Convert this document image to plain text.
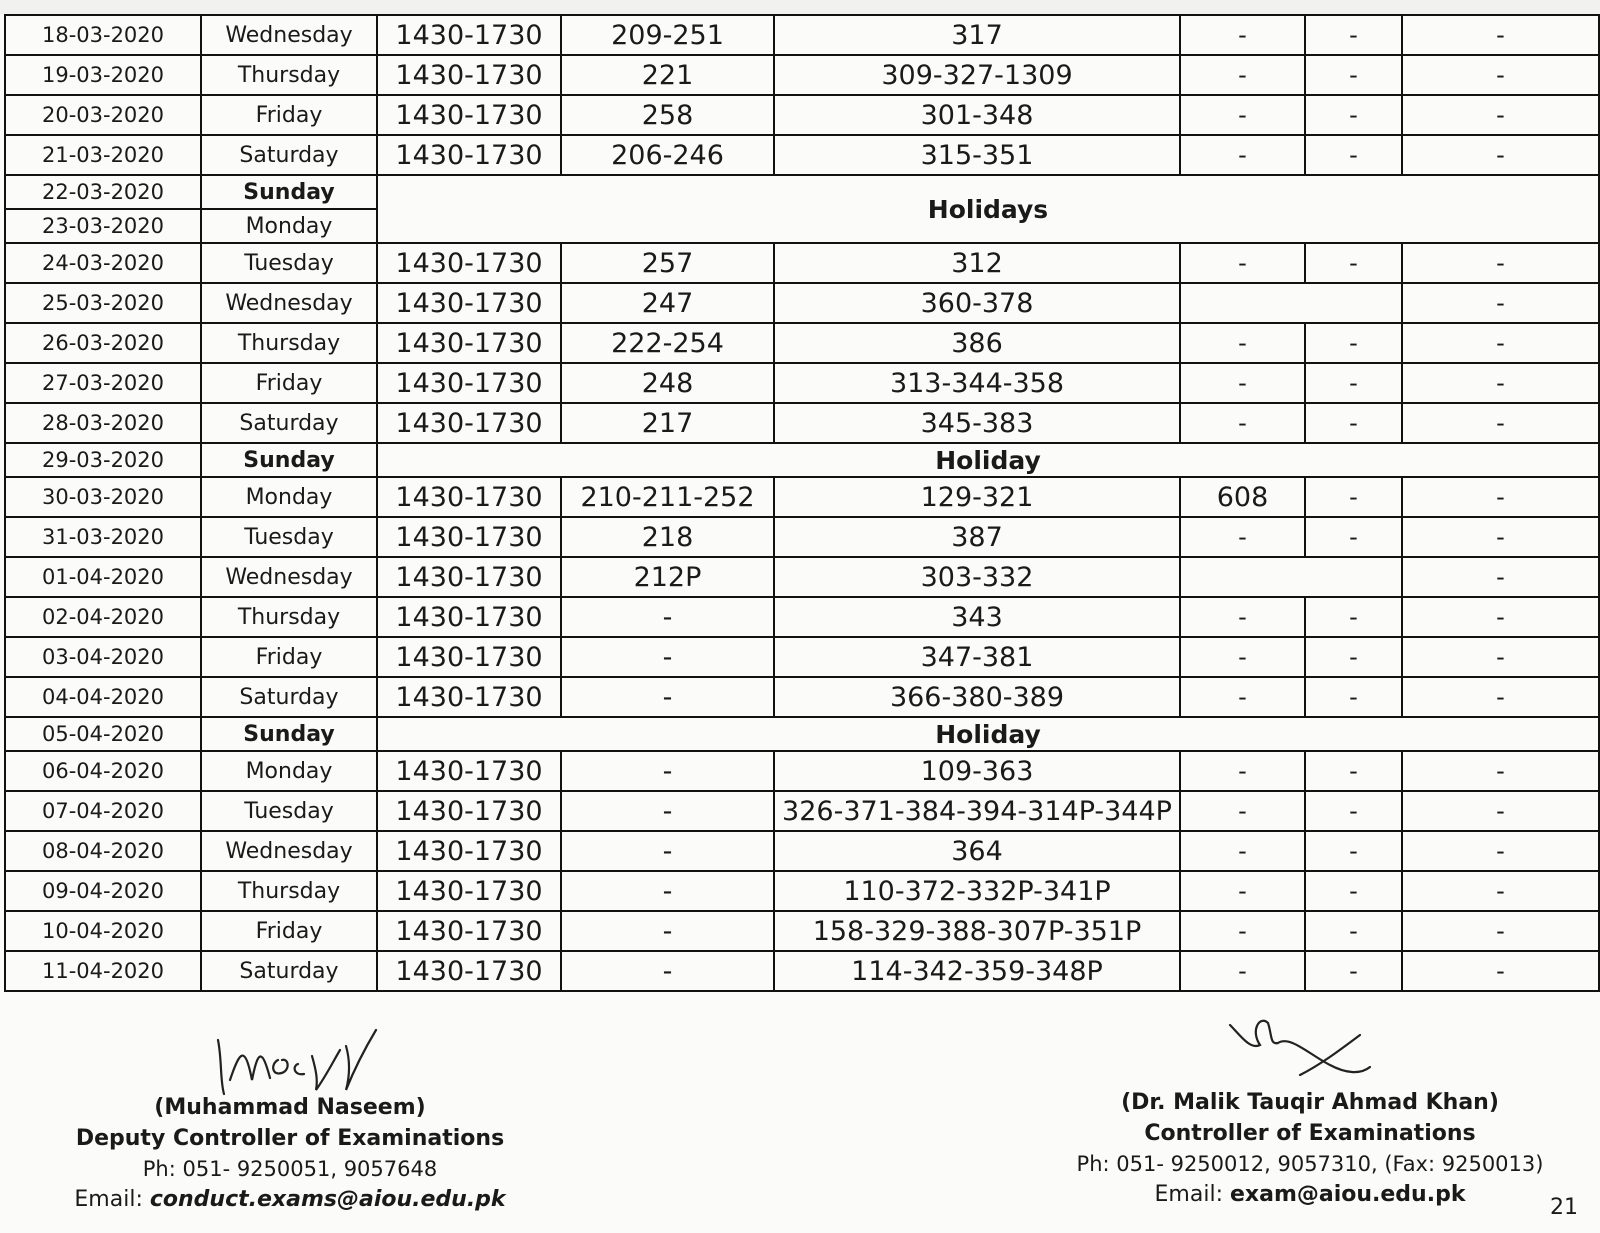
18-03-2020	Wednesday	1430-1730	209-251	317	-	-	-
19-03-2020	Thursday	1430-1730	221	309-327-1309	-	-	-
20-03-2020	Friday	1430-1730	258	301-348	-	-	-
21-03-2020	Saturday	1430-1730	206-246	315-351	-	-	-
22-03-2020	Sunday	Holidays					
23-03-2020	Monday						
24-03-2020	Tuesday	1430-1730	257	312	-	-	-
25-03-2020	Wednesday	1430-1730	247	360-378			-
26-03-2020	Thursday	1430-1730	222-254	386	-	-	-
27-03-2020	Friday	1430-1730	248	313-344-358	-	-	-
28-03-2020	Saturday	1430-1730	217	345-383	-	-	-
29-03-2020	Sunday	Holiday					
30-03-2020	Monday	1430-1730	210-211-252	129-321	608	-	-
31-03-2020	Tuesday	1430-1730	218	387	-	-	-
01-04-2020	Wednesday	1430-1730	212P	303-332			-
02-04-2020	Thursday	1430-1730	-	343	-	-	-
03-04-2020	Friday	1430-1730	-	347-381	-	-	-
04-04-2020	Saturday	1430-1730	-	366-380-389	-	-	-
05-04-2020	Sunday	Holiday					
06-04-2020	Monday	1430-1730	-	109-363	-	-	-
07-04-2020	Tuesday	1430-1730	-	326-371-384-394-314P-344P	-	-	-
08-04-2020	Wednesday	1430-1730	-	364	-	-	-
09-04-2020	Thursday	1430-1730	-	110-372-332P-341P	-	-	-
10-04-2020	Friday	1430-1730	-	158-329-388-307P-351P	-	-	-
11-04-2020	Saturday	1430-1730	-	114-342-359-348P	-	-	-
(Muhammad Naseem)
Deputy Controller of Examinations
Ph: 051- 9250051, 9057648
Email: conduct.exams@aiou.edu.pk
(Dr. Malik Tauqir Ahmad Khan)
Controller of Examinations
Ph: 051- 9250012, 9057310, (Fax: 9250013)
Email: exam@aiou.edu.pk
21
